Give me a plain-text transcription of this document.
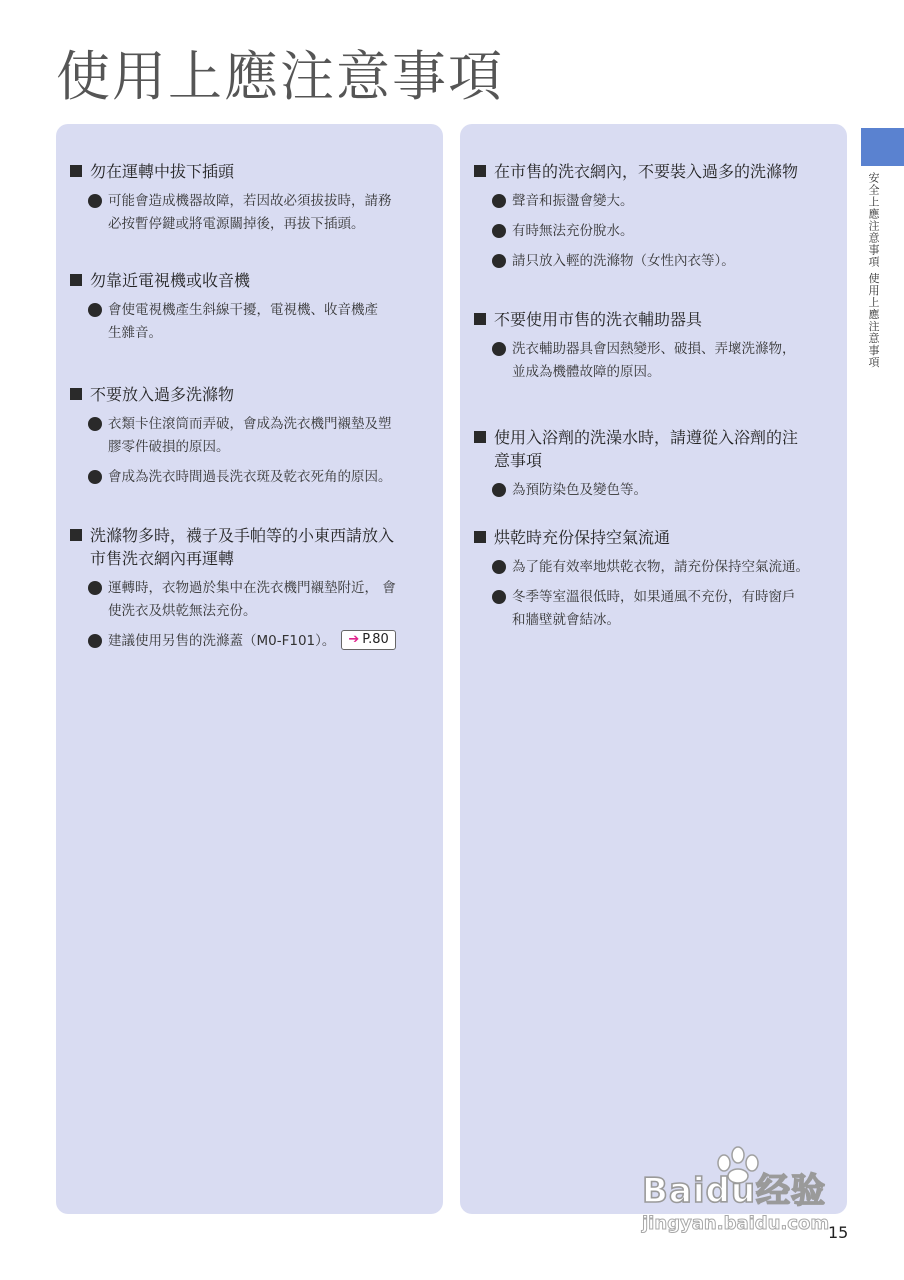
使用上應注意事項
安全上應注意事項 使用上應注意事項
勿在運轉中拔下插頭
可能會造成機器故障，若因故必須拔拔時，請務
必按暫停鍵或將電源關掉後，再拔下插頭。
勿靠近電視機或收音機
會使電視機產生斜線干擾，電視機、收音機產
生雜音。
不要放入過多洗滌物
衣類卡住滾筒而弄破，會成為洗衣機門襯墊及塑
膠零件破損的原因。
會成為洗衣時間過長洗衣斑及乾衣死角的原因。
洗滌物多時，襪子及手帕等的小東西請放入
市售洗衣網內再運轉
運轉時，衣物過於集中在洗衣機門襯墊附近， 會
使洗衣及烘乾無法充份。
建議使用另售的洗滌蓋（M0-F101）。 ➔ P.80
在市售的洗衣網內，不要裝入過多的洗滌物
聲音和振盪會變大。
有時無法充份脫水。
請只放入輕的洗滌物（女性內衣等）。
不要使用市售的洗衣輔助器具
洗衣輔助器具會因熱變形、破損、弄壞洗滌物，
並成為機體故障的原因。
使用入浴劑的洗澡水時，請遵從入浴劑的注
意事項
為預防染色及變色等。
烘乾時充份保持空氣流通
為了能有效率地烘乾衣物，請充份保持空氣流通。
冬季等室溫很低時，如果通風不充份，有時窗戶
和牆壁就會結冰。
Baidu经验
jingyan.baidu.com
15
